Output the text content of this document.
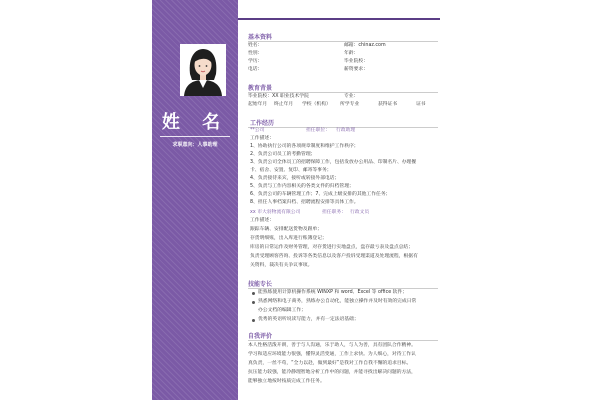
姓 名
求职意向：人事助理
基本资料
姓名：	邮箱：chinaz.com
性别：	年龄：
学历：	毕业院校：
电话：	薪资要求：
教育背景
毕业院校：XX 职业技术学院	专业：
起始年月 终止年月 学校（机构） 所学专业	获得证书	证书
工作经历
**公司	担任职位： 行政助理
工作描述：
1、协助执行公司的各项规章制度和维护工作秩序；
2、负责公司员工的考勤管理；
3、负责公司全体员工的招聘保障工作，包括发放办公用品、印制名片、办理餐
卡、宿舍、安置、复印、邮寄等事务；
4、负责接待来宾，接听或转接外部电话；
5、负责与工作内容相关的各类文件的归档管理；
6、负责公司的车辆管理工作；7、完成上级安排的其他工作任务；
8、担任人事档案归档、招聘流程安排等具体工作。
xx 市大羽物流有限公司	担任职务： 行政文员
工作描述：
跟踪车辆、安排配送货物及跟单；
存货明细账，出入库进行账簿登记；
库房的日常运作及财务管理，对存货进行实地盘点，盘存最亏表及盘点总结；
负责受理顾客咨询、投诉等各类信息以及客户投诉受理渠道及处理流程，根据有
关资料，裁决有关争议事项。
技能专长
能熟练使用计算机操作系统 WINXP 和 word、Excel 等 office 软件；
熟悉网络和电子商务，熟练办公自动化，能独立操作并及时有效的完成日常
办公文档的编辑工作；
优秀的英语听说读写能力，并有一定法语基础；
自我评价
本人性格活泼开朗，善于与人沟通，乐于助人，与人为善，具有团队合作精神。
学习和适应环境能力很强，懂得灵活变通，工作上求快。为人细心，对待工作认
真负责，一丝不苟，“全力以赴，做到最好”是我对工作自我不懈的追求目标。
抗压能力较强，能冷静理智地分析工作中的问题，并能寻找出解决问题的方法，
能够独立地按时按质完成工作任务。
